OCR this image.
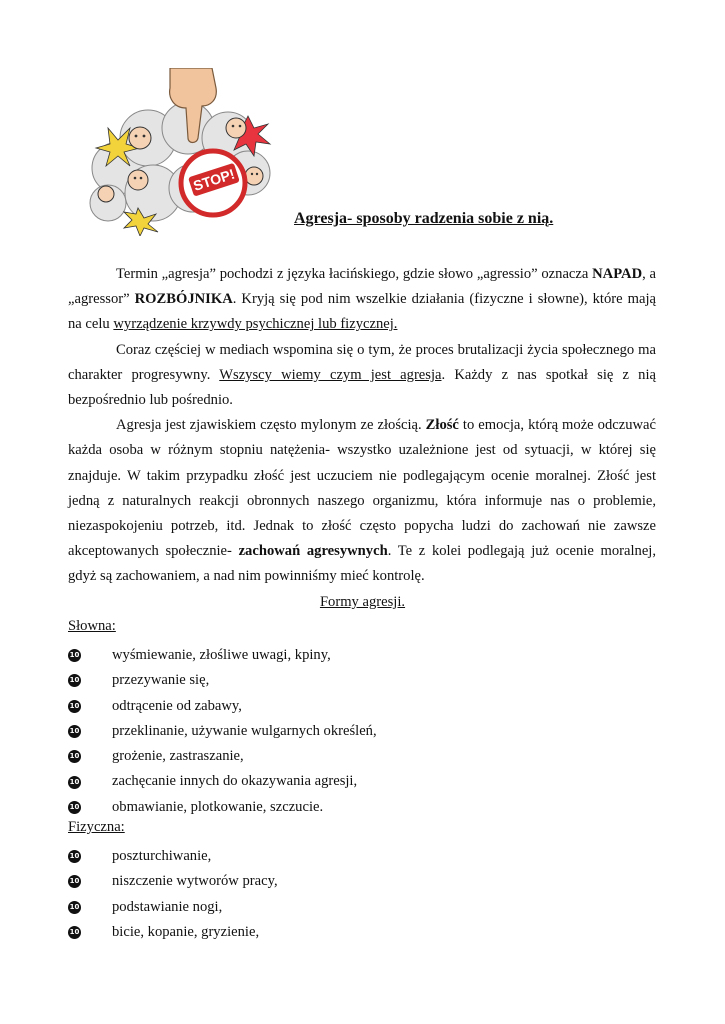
STOP!
Agresja- sposoby radzenia sobie z nią.

Termin „agresja” pochodzi z języka łacińskiego, gdzie słowo „agressio” oznacza NAPAD, a „agressor” ROZBÓJNIKA. Kryją się pod nim wszelkie działania (fizyczne i słowne), które mają na celu wyrządzenie krzywdy psychicznej lub fizycznej.

Coraz częściej w mediach wspomina się o tym, że proces brutalizacji życia społecznego ma charakter progresywny. Wszyscy wiemy czym jest agresja. Każdy z nas spotkał się z nią bezpośrednio lub pośrednio.

Agresja jest zjawiskiem często mylonym ze złością. Złość to emocja, którą może odczuwać każda osoba w różnym stopniu natężenia- wszystko uzależnione jest od sytuacji, w której się znajduje. W takim przypadku złość jest uczuciem nie podlegającym ocenie moralnej. Złość jest jedną z naturalnych reakcji obronnych naszego organizmu, która informuje nas o problemie, niezaspokojeniu potrzeb, itd. Jednak to złość często popycha ludzi do zachowań nie zawsze akceptowanych społecznie- zachowań agresywnych. Te z kolei podlegają już ocenie moralnej, gdyż są zachowaniem, a nad nim powinniśmy mieć kontrolę.

Formy agresji.
Słowna:
10 wyśmiewanie, złośliwe uwagi, kpiny,
10 przezywanie się,
10 odtrącenie od zabawy,
10 przeklinanie, używanie wulgarnych określeń,
10 grożenie, zastraszanie,
10 zachęcanie innych do okazywania agresji,
10 obmawianie, plotkowanie, szczucie.
Fizyczna:
10 poszturchiwanie,
10 niszczenie wytworów pracy,
10 podstawianie nogi,
10 bicie, kopanie, gryzienie,
